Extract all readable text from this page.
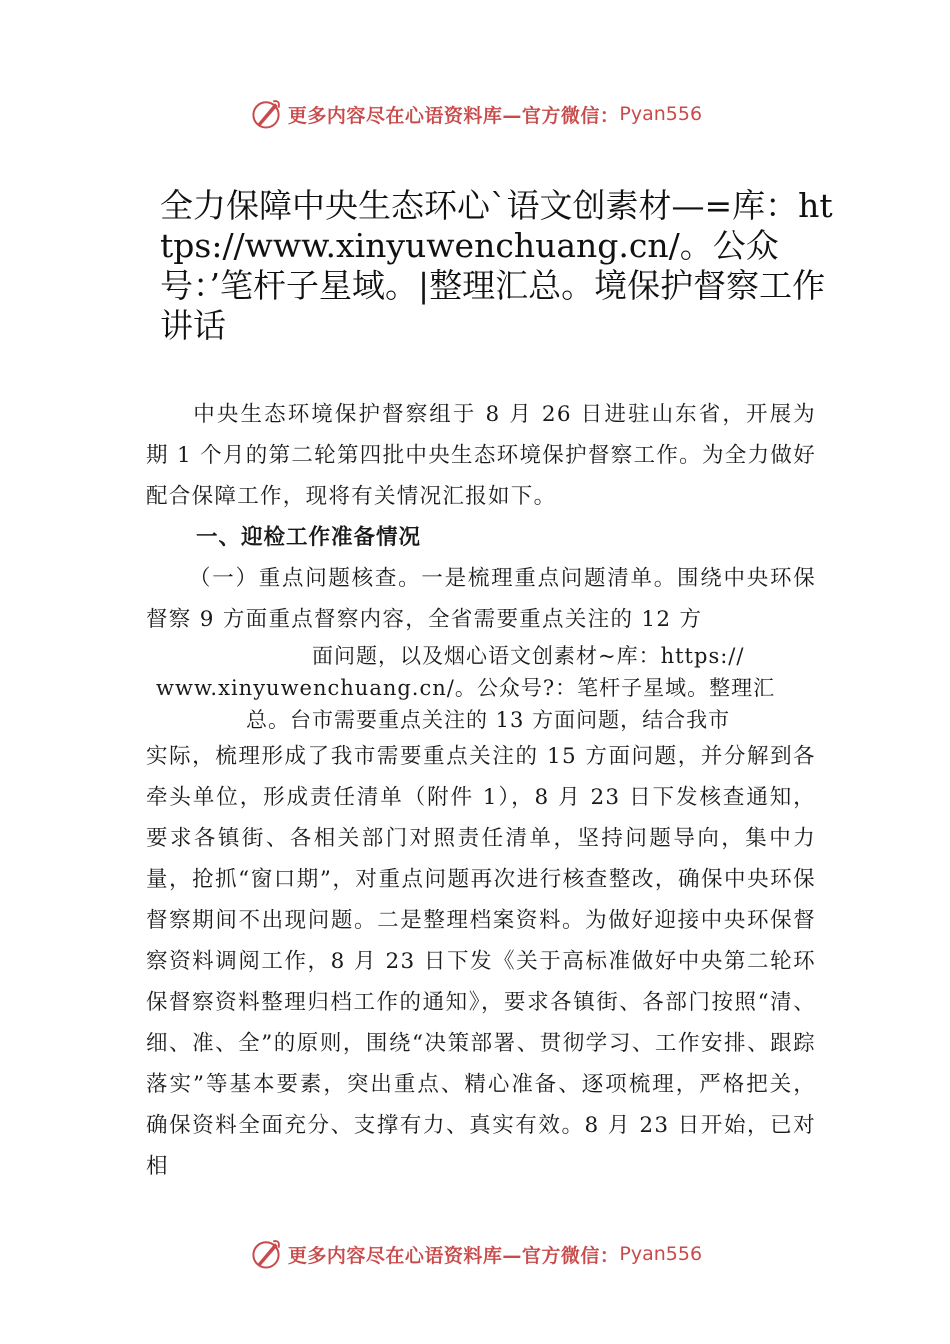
更多内容尽在心语资料库—官方微信： Pyan556
全力保障中央生态环心`语文创素材—=库：https://www.xinyuwenchuang.cn/。公众号：’笔杆子星域。|整理汇总。境保护督察工作讲话

中央生态环境保护督察组于 8 月 26 日进驻山东省，开展为期 1 个月的第二轮第四批中央生态环境保护督察工作。为全力做好配合保障工作，现将有关情况汇报如下。

一、迎检工作准备情况

（一）重点问题核查。一是梳理重点问题清单。围绕中央环保督察 9 方面重点督察内容，全省需要重点关注的 12 方

面问题，以及烟心语文创素材~库：https://
www.xinyuwenchuang.cn/。公众号?：笔杆子星域。整理汇
总。台市需要重点关注的 13 方面问题，结合我市

实际，梳理形成了我市需要重点关注的 15 方面问题，并分解到各牵头单位，形成责任清单（附件 1），8 月 23 日下发核查通知，要求各镇街、各相关部门对照责任清单，坚持问题导向，集中力量，抢抓“窗口期”，对重点问题再次进行核查整改，确保中央环保督察期间不出现问题。二是整理档案资料。为做好迎接中央环保督察资料调阅工作，8 月 23 日下发《关于高标准做好中央第二轮环保督察资料整理归档工作的通知》，要求各镇街、各部门按照“清、细、准、全”的原则，围绕“决策部署、贯彻学习、工作安排、跟踪落实”等基本要素，突出重点、精心准备、逐项梳理，严格把关，确保资料全面充分、支撑有力、真实有效。8 月 23 日开始，已对相

更多内容尽在心语资料库—官方微信： Pyan556
